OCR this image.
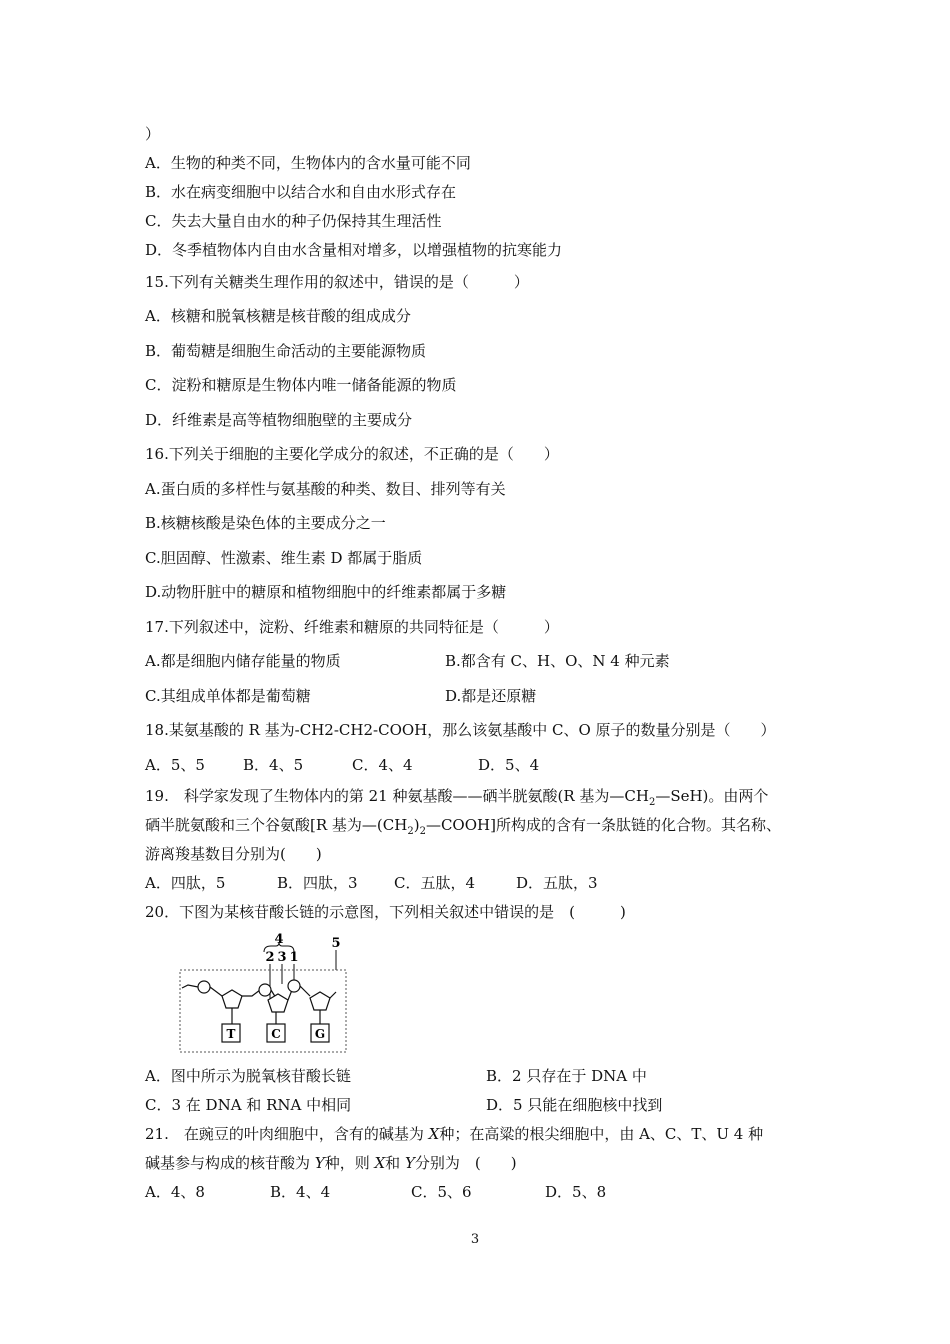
）
A．生物的种类不同，生物体内的含水量可能不同
B．水在病变细胞中以结合水和自由水形式存在
C．失去大量自由水的种子仍保持其生理活性
D．冬季植物体内自由水含量相对增多，以增强植物的抗寒能力
15.下列有关糖类生理作用的叙述中，错误的是（　　　）
A．核糖和脱氧核糖是核苷酸的组成成分
B．葡萄糖是细胞生命活动的主要能源物质
C．淀粉和糖原是生物体内唯一储备能源的物质
D．纤维素是高等植物细胞壁的主要成分
16.下列关于细胞的主要化学成分的叙述，不正确的是（　　）
A.蛋白质的多样性与氨基酸的种类、数目、排列等有关
B.核糖核酸是染色体的主要成分之一
C.胆固醇、性激素、维生素 D 都属于脂质
D.动物肝脏中的糖原和植物细胞中的纤维素都属于多糖
17.下列叙述中，淀粉、纤维素和糖原的共同特征是（　　　）
A.都是细胞内储存能量的物质	B.都含有 C、H、O、N 4 种元素
C.其组成单体都是葡萄糖	D.都是还原糖
18.某氨基酸的 R 基为-CH2-CH2-COOH，那么该氨基酸中 C、O 原子的数量分别是（　　）
A．5、5	B．4、5	C．4、4	D．5、4
19.　科学家发现了生物体内的第 21 种氨基酸——硒半胱氨酸(R 基为$—CH_2—SeH$)。由两个
硒半胱氨酸和三个谷氨酸[R 基为$—(CH_2)_2—COOH$]所构成的含有一条肽链的化合物。其名称、
游离羧基数目分别为(　　)
A．四肽，5	B．四肽，3 C．五肽，4	D．五肽，3
20．下图为某核苷酸长链的示意图，下列相关叙述中错误的是　(　　　)
4	5
2 3 1
T	C	G
A．图中所示为脱氧核苷酸长链	B．2 只存在于 DNA 中
C．3 在 DNA 和 RNA 中相同	D．5 只能在细胞核中找到
21.　在豌豆的叶肉细胞中，含有的碱基为 X种；在高粱的根尖细胞中，由 A、C、T、U 4 种
碱基参与构成的核苷酸为 Y种，则 X和 Y分别为　(　　)
A．4、8	B．4、4	C．5、6	D．5、8
3
